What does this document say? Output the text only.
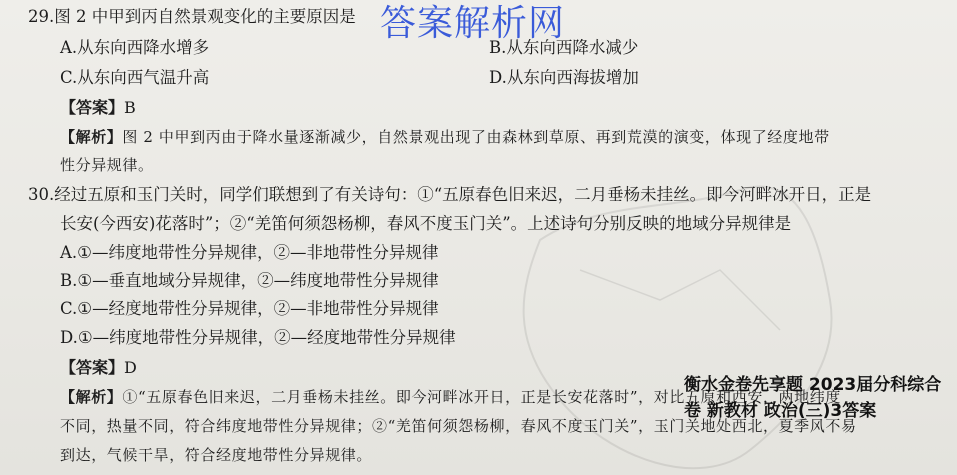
29.图 2 中甲到丙自然景观变化的主要原因是
A.从东向西降水增多	B.从东向西降水减少
C.从东向西气温升高	D.从东向西海拔增加
【答案】B
【解析】图 2 中甲到丙由于降水量逐渐减少，自然景观出现了由森林到草原、再到荒漠的演变，体现了经度地带
性分异规律。
30.经过五原和玉门关时，同学们联想到了有关诗句：①“五原春色旧来迟，二月垂杨未挂丝。即今河畔冰开日，正是
长安(今西安)花落时”；②“羌笛何须怨杨柳，春风不度玉门关”。上述诗句分别反映的地域分异规律是
A.①—纬度地带性分异规律，②—非地带性分异规律
B.①—垂直地域分异规律，②—纬度地带性分异规律
C.①—经度地带性分异规律，②—非地带性分异规律
D.①—纬度地带性分异规律，②—经度地带性分异规律
【答案】D
【解析】①“五原春色旧来迟，二月垂杨未挂丝。即今河畔冰开日，正是长安花落时”，对比五原和西安，两地纬度
不同，热量不同，符合纬度地带性分异规律；②“羌笛何须怨杨柳，春风不度玉门关”，玉门关地处西北，夏季风不易
到达，气候干旱，符合经度地带性分异规律。
答案解析网
衡水金卷先享题 2023届分科综合卷 新教材 政治(三)3答案
